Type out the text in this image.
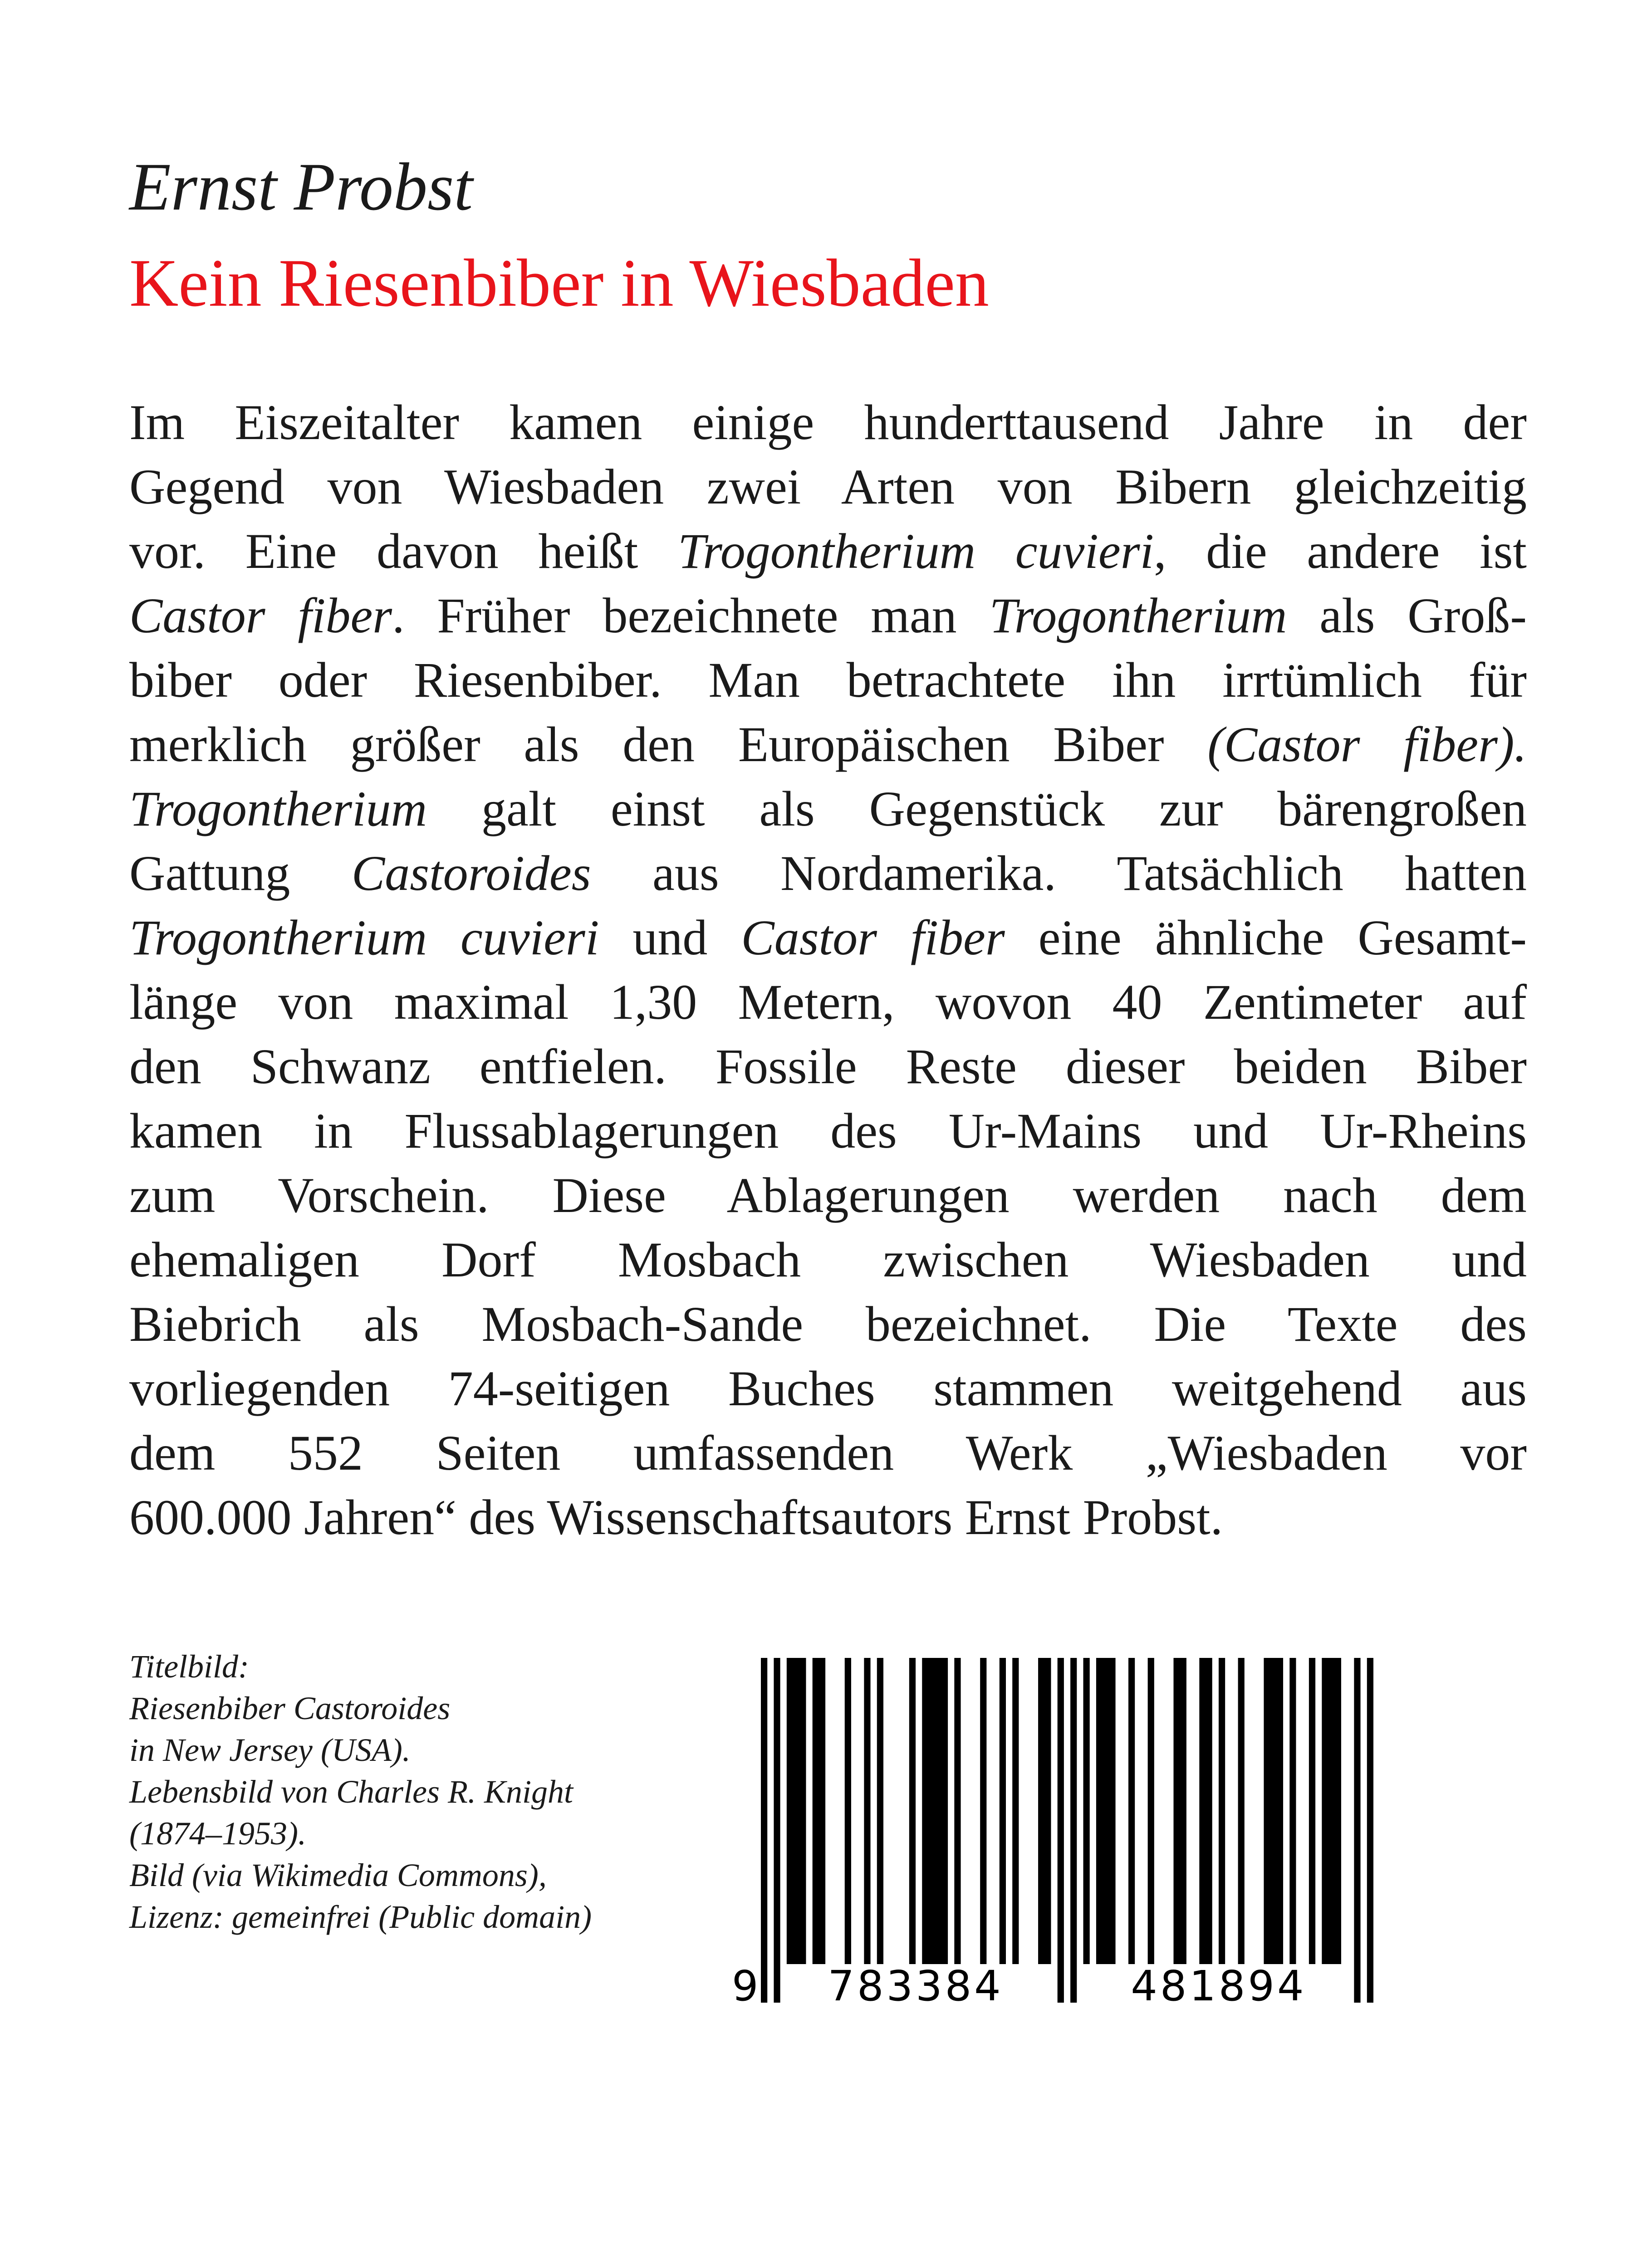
Ernst Probst
Kein Riesenbiber in Wiesbaden
Im Eiszeitalter kamen einige hunderttausend Jahre in der
Gegend von Wiesbaden zwei Arten von Bibern gleichzeitig
vor. Eine davon heißt Trogontherium cuvieri, die andere ist
Castor fiber. Früher bezeichnete man Trogontherium als Groß-
biber oder Riesenbiber. Man betrachtete ihn irrtümlich für
merklich größer als den Europäischen Biber (Castor fiber).
Trogontherium galt einst als Gegenstück zur bärengroßen
Gattung Castoroides aus Nordamerika. Tatsächlich hatten
Trogontherium cuvieri und Castor fiber eine ähnliche Gesamt-
länge von maximal 1,30 Metern, wovon 40 Zentimeter auf
den Schwanz entfielen. Fossile Reste dieser beiden Biber
kamen in Flussablagerungen des Ur-Mains und Ur-Rheins
zum Vorschein. Diese Ablagerungen werden nach dem
ehemaligen Dorf Mosbach zwischen Wiesbaden und
Biebrich als Mosbach-Sande bezeichnet. Die Texte des
vorliegenden 74-seitigen Buches stammen weitgehend aus
dem 552 Seiten umfassenden Werk „Wiesbaden vor
600.000 Jahren“ des Wissenschaftsautors Ernst Probst.
Titelbild:
Riesenbiber Castoroides
in New Jersey (USA).
Lebensbild von Charles R. Knight
(1874–1953).
Bild (via Wikimedia Commons),
Lizenz: gemeinfrei (Public domain)
9 783384	481894
